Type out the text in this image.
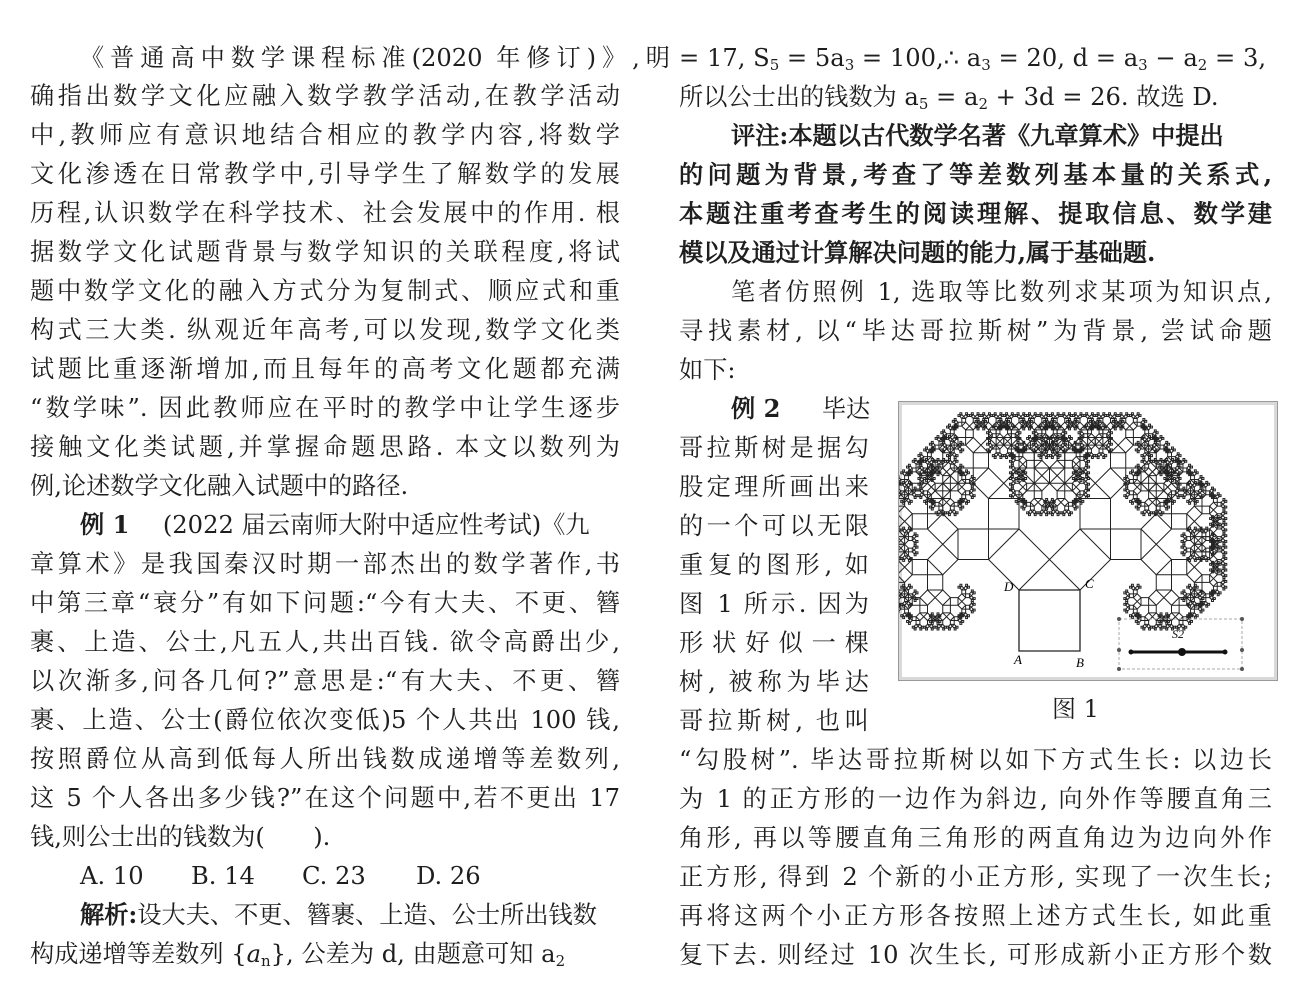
《普通高中数学课程标准(2020 年修订)》,明
确指出数学文化应融入数学教学活动,在教学活动
中,教师应有意识地结合相应的教学内容,将数学
文化渗透在日常教学中,引导学生了解数学的发展
历程,认识数学在科学技术、社会发展中的作用. 根
据数学文化试题背景与数学知识的关联程度,将试
题中数学文化的融入方式分为复制式、顺应式和重
构式三大类. 纵观近年高考,可以发现,数学文化类
试题比重逐渐增加,而且每年的高考文化题都充满
“数学味”. 因此教师应在平时的教学中让学生逐步
接触文化类试题,并掌握命题思路. 本文以数列为
例,论述数学文化融入试题中的路径.
例 1 (2022 届云南师大附中适应性考试)《九
章算术》是我国秦汉时期一部杰出的数学著作,书
中第三章“衰分”有如下问题:“今有大夫、不更、簪
裹、上造、公士,凡五人,共出百钱. 欲令高爵出少,
以次渐多,问各几何?”意思是:“有大夫、不更、簪
裹、上造、公士(爵位依次变低)5 个人共出 100 钱,
按照爵位从高到低每人所出钱数成递增等差数列,
这 5 个人各出多少钱?”在这个问题中,若不更出 17
钱,则公士出的钱数为(　　).
A. 10 B. 14 C. 23 D. 26
解析:设大夫、不更、簪裹、上造、公士所出钱数
构成递增等差数列 $\{a_n\}$, 公差为 d, 由题意可知 $a_2$
= 17, $S_5 = 5a_3$ = 100,∴ $a_3 = 20$, $d = a_3 - a_2 = 3$,
所以公士出的钱数为 $a_5 = a_2 + 3d = 26$. 故选 D.
评注:本题以古代数学名著《九章算术》中提出
的问题为背景,考查了等差数列基本量的关系式,
本题注重考查考生的阅读理解、提取信息、数学建
模以及通过计算解决问题的能力,属于基础题.
笔者仿照例 1, 选取等比数列求某项为知识点,
寻找素材, 以“毕达哥拉斯树”为背景, 尝试命题
如下:
例 2 毕达
哥拉斯树是据勾
股定理所画出来
的一个可以无限
重复的图形, 如
图 1 所示. 因为
形状好似一棵
树, 被称为毕达
哥拉斯树, 也叫
“勾股树”. 毕达哥拉斯树以如下方式生长: 以边长
为 1 的正方形的一边作为斜边, 向外作等腰直角三
角形, 再以等腰直角三角形的两直角边为边向外作
正方形, 得到 2 个新的小正方形, 实现了一次生长;
再将这两个小正方形各按照上述方式生长, 如此重
复下去. 则经过 10 次生长, 可形成新小正方形个数
A	B
C
D
S2
图 1
